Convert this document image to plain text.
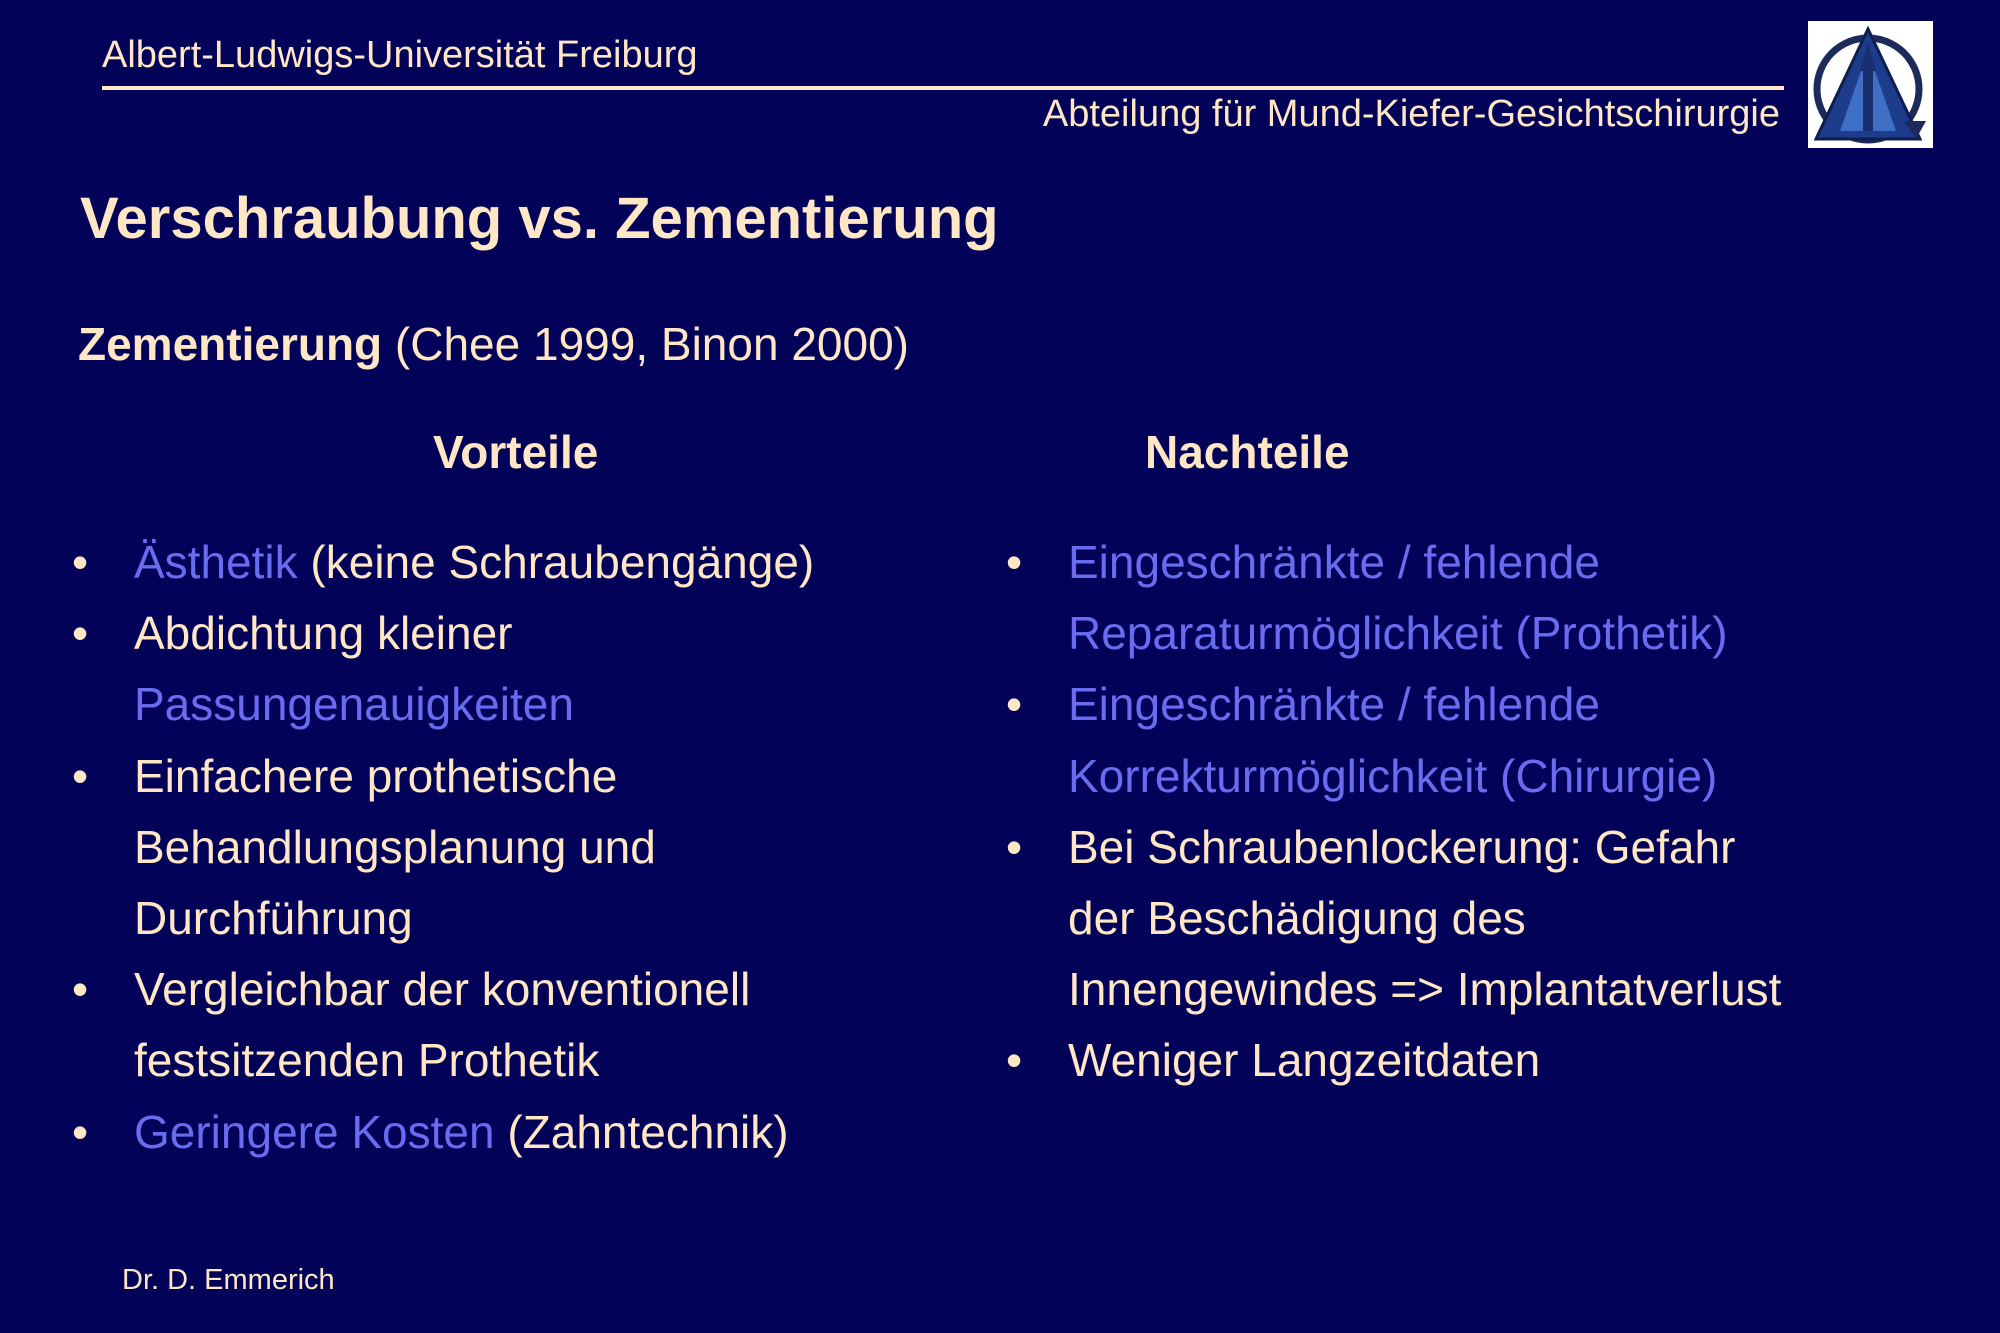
Albert-Ludwigs-Universität Freiburg
Abteilung für Mund-Kiefer-Gesichtschirurgie
Verschraubung vs. Zementierung
Zementierung (Chee 1999, Binon 2000)
Vorteile	Nachteile
• Ästhetik (keine Schraubengänge)
• Abdichtung kleiner
Passungenauigkeiten
• Einfachere prothetische
Behandlungsplanung und
Durchführung
• Vergleichbar der konventionell
festsitzenden Prothetik
• Geringere Kosten (Zahntechnik)
• Eingeschränkte / fehlende
Reparaturmöglichkeit (Prothetik)
• Eingeschränkte / fehlende
Korrekturmöglichkeit (Chirurgie)
• Bei Schraubenlockerung: Gefahr
der Beschädigung des
Innengewindes => Implantatverlust
• Weniger Langzeitdaten
Dr. D. Emmerich
